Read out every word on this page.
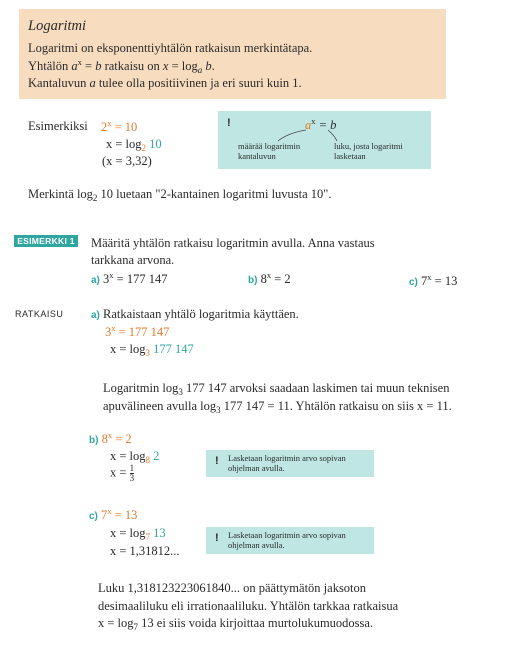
Logaritmi
Logaritmi on eksponenttiyhtälön ratkaisun merkintätapa.
Yhtälön $a^x = b$ ratkaisu on $x = \log_a b$.
Kantaluvun a tulee olla positiivinen ja eri suuri kuin 1.
Esimerkiksi $2^x = 10$
$x = \log_2 10$
(x = 3,32)
!	$a^x = b$
määrää logaritmin kantaluvun
luku, josta logaritmi lasketaan
Merkintä $\log_2 10$ luetaan "2-kantainen logaritmi luvusta 10".
ESIMERKKI 1 Määritä yhtälön ratkaisu logaritmin avulla. Anna vastaus
tarkkana arvona.
a) $3^x = 177$ 147	b) $8^x = 2$	c) $7^x = 13$
RATKAISU	a) Ratkaistaan yhtälö logaritmia käyttäen.
$3^x = 177$ 147
$x = \log_3 177$ 147
Logaritmin $\log_3 177$ 147 arvoksi saadaan laskimen tai muun teknisen
apuvälineen avulla $\log_3 177$ 147 = 11. Yhtälön ratkaisu on siis x = 11.
b) $8^x = 2$
$x = \log_8 2$
$x = \frac{1}{3}$
! Lasketaan logaritmin arvo sopivan ohjelman avulla.
c) $7^x = 13$
$x = \log_7 13$
x = 1,31812...
! Lasketaan logaritmin arvo sopivan ohjelman avulla.
Luku 1,318123223061840... on päättymätön jaksoton
desimaaliluku eli irrationaaliluku. Yhtälön tarkkaa ratkaisua
$x = \log_7 13$ ei siis voida kirjoittaa murtolukumuodossa.
